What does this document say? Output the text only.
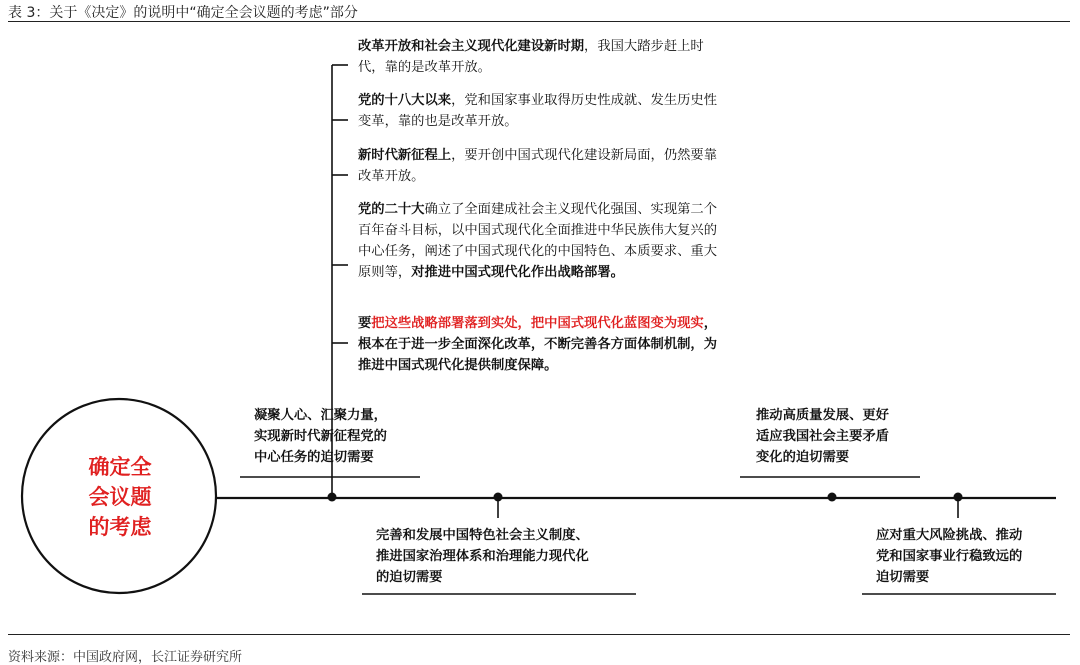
表 3：关于《决定》的说明中“确定全会议题的考虑”部分
确定全
会议题
的考虑
改革开放和社会主义现代化建设新时期，我国大踏步赶上时代，靠的是改革开放。
党的十八大以来，党和国家事业取得历史性成就、发生历史性变革，靠的也是改革开放。
新时代新征程上，要开创中国式现代化建设新局面，仍然要靠改革开放。
党的二十大确立了全面建成社会主义现代化强国、实现第二个百年奋斗目标，以中国式现代化全面推进中华民族伟大复兴的中心任务，阐述了中国式现代化的中国特色、本质要求、重大原则等，对推进中国式现代化作出战略部署。
要把这些战略部署落到实处，把中国式现代化蓝图变为现实，根本在于进一步全面深化改革，不断完善各方面体制机制，为推进中国式现代化提供制度保障。
凝聚人心、汇聚力量，
实现新时代新征程党的
中心任务的迫切需要
完善和发展中国特色社会主义制度、
推进国家治理体系和治理能力现代化
的迫切需要
推动高质量发展、更好
适应我国社会主要矛盾
变化的迫切需要
应对重大风险挑战、推动
党和国家事业行稳致远的
迫切需要
资料来源：中国政府网，长江证券研究所
